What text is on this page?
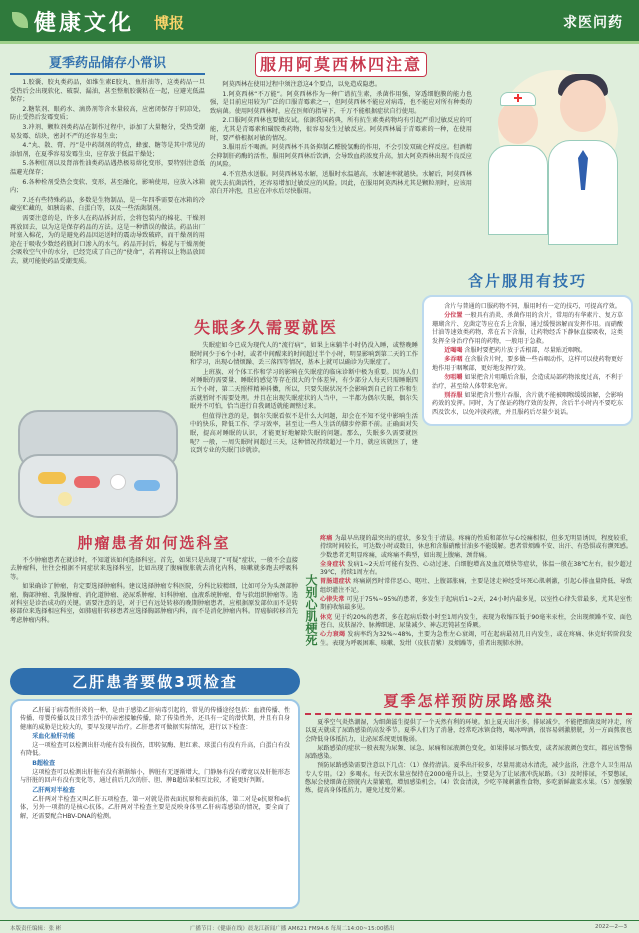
健康文化 博报	求医问药
夏季药品储存小常识

1.胶囊、胶丸类药品，如维生素E胶丸、鱼肝油等，这类药品一旦受热后会出现软化、破裂、漏油，甚至整瓶胶囊粘在一起，应避光低温保存；

2.糖浆剂、眼药水、滴鼻剂等含水量较高，应密闭保存于阴凉处，防止受热后发霉变质；

3.冲剂、颗粒剂类药品在制作过程中，添加了大量糖分，受热受潮易发霉、结块，密封不严的还容易生虫；

4.“丸、散、膏、丹”是中药制剂的特点，蜂蜜、糖等是其中常见的添加剂，在夏季容易发霉生虫，应存放于低温干燥处；

5.各种肛剂以及肾溶性油类药品遇热极易熔化变形，要特别注意低温避光保存；

6.各种栓剂受热会变软、变形，甚至融化，影响使用，应放入冰箱内；

7.还有些特殊药品，多数是生物制品，是一年四季需要在冰箱的冷藏室贮藏的，如胰岛素、白蛋白等，以及一些活菌制剂。

需要注意的是，许多人在药品拆封后，会将包装内的棉花、干燥剂再放回去，以为这是保存药品的方法。这是一种错误的做法。药品出厂时塞入棉花，为的是避免药品因运送时的震动导致破碎，而干燥剂的用途在于吸收少数经药瓶封口渗入的水气。药品开封后，棉花与干燥剂便会吸收空气中的水分，已经完成了自己的“使命”，若再将以上物品放回去，就可能使药品受潮变质。

服用阿莫西林四注意

阿莫西林在使用过程中须注意这4个要点，以免造成隐患。

1.阿莫西林“不万能”。阿莫西林作为一种广谱抗生素，杀菌作用强，穿透细胞膜的能力也强，是目前应用较为广泛的口服青霉素之一，但阿莫西林不能应对病毒，也不能应对所有种类的致病菌。使用阿莫西林时，应在医师的指导下，千万不能根据症状自行使用。

2.口服阿莫西林也要做皮试。依据我国药典，所有抗生素类药物均有引起严重过敏反应的可能，尤其是青霉素和磺胺类药物，很容易发生过敏反应。阿莫西林属于青霉素的一种，在使用时，要严格根据对敏的情况。

3.服用后不喝酒。阿莫西林不具备抑制乙醛脱氢酶的作用，不会引发双硫仑样反应。但酒精会抑制肝药酶的活性，服用阿莫西林后饮酒，会导致血药浓度升高，加大阿莫西林出现不良反应的风险。

4.不宜热水送服。阿莫西林易水解，送服时水温越高，水解速率就越快。水解后，阿莫西林就失去抗菌活性，还容易增加过敏反应的风险。因此，在服用阿莫西林尤其是颗粒剂时，应该用凉白开冲泡，且应在冲水后尽快服用。

含片服用有技巧

含片与普通的口服药物不同，服用时有一定的技巧，可提高疗效。

分位置 一般具有消炎、杀菌作用的含片，常用的有华素片、复方草珊瑚含片、克菌定等应在舌上含服，通过缓慢溶解而发挥作用。而硝酸甘油等速效类药物，常在舌下含服，让药物经舌下静脉直接吸收，这类发挥全身治疗作用的药物，一般用于急救。

近喝喝 含服时要把药片放于舌根部，尽量贴近咽喉。

多吞咽 在含服含片时，要多做一些吞咽动作，这样可以使药物更好地作用于咽喉部，更好地发挥疗效。

勿咀嚼 如果把含片咀嚼后含服，会造成局部药物浓度过高，不利于治疗，甚至给人体带来危害。

别吞服 如果把含片整片吞服，含片就不能被咽喉缓缓溶解，会影响药效的发挥。同时，为了保证药物疗效的发挥，含后半小时内不要吃东西及饮水，以免冲淡药液，并且服药后尽量少说话。

失眠多久需要就医

失眠症如今已成为现代人的“流行病”，如果上床躺半小时仍没入睡，或整晚睡眠时间少于6个小时，或者中间醒来的时间超过半个小时，明显影响到第二天的工作和学习，出现心情烦躁、丢三落四等情况，基本上就可以确诊为失眠症了。

上班族、对个体工作和学习的影响在失眠症的临床诊断中极为重要。因为人们对睡眠的需要量、睡眠的感觉等存在很大的个体差异，有少部分人每天只需睡眠四五个小时，第二天照样精神抖擞，所以，只要失眠状况不会影响到自己的工作和生活就暂时不需要处理。并且在出现失眠症状的人当中，一半都为偶尔失眠，偶尔失眠并不可怕，恰当进行自我调适就能调整过来。

但值得注意的是，偶尔失眠看似不是什么大问题，却会在不知不觉中影响生活中的快乐，降低工作、学习效率，甚至让一些人生活的脚步停滞不前。正确面对失眠，提高对睡眠的认识，才能更好地解除失眠的问题。那么，失眠多久需要就医呢？一般，一周失眠时间超过三天，这种情况持续超过一个月，就应该就医了，建议到专业的失眠门诊就诊。

肿瘤患者如何选科室

不少肿瘤患者在就诊时，不知道该如何选择科室。首先，如果只是出现了“可疑”症状，一般不会直接去肿瘤科，往往会根据不同症状来选择科室，比如出现了腹痛腹胀就去消化内科，咳嗽就多跑去呼吸科等。

如果确诊了肿瘤，肯定要选择肿瘤科。建议选择肿瘤专科医院，分科比较精细，比如可分为头颈部肿瘤、胸部肿瘤、乳腺肿瘤、消化道肿瘤、泌尿系肿瘤、妇科肿瘤、血液系统肿瘤、骨与软组织肿瘤等。选对科室是诊治成功的关键。需要注意的是，对于已有远处转移的晚期肿瘤患者，应根据原发部位而不是转移部位来选择相应科室，如肺癌肝转移患者应选择胸部肿瘤内科，而不是消化肿瘤内科。胃癌脑转移首先考虑肿瘤内科。	大别心肌梗死

疼痛 为最早出现的最突出的症状，多发生于清晨。疼痛的性质和部位与心绞痛相似，但多无明显诱因，程度较重，持续时间较长，可达数小时或数日，休息和含服硝酸甘油多不能缓解。患者常烦躁不安、出汗、有恐惧或有濒死感。少数患者无明显疼痛，或疼痛不典型，如出现上腹痛、颈背痛。

全身症状 发病1~2天后可能有发热、心动过速、白细胞增高及血沉增快等症状，体温一般在38℃左右，很少超过39℃，持续1周左右。

胃肠道症状 疼痛剧烈时常伴恶心、呕吐、上腹部胀痛，主要是迷走神经受坏死心肌刺激，引起心排血量降低、导致组织灌注不足。

心律失常 可见于75%~95%的患者，多发生于起病后1~2天，24小时内最多见，以室性心律失常最多，尤其是室性期前收缩最多见。

休克 见于约20%的患者，多在起病后数小时至1周内发生，表现为收缩压低于90毫米汞柱，会出现烦躁不安、面色苍白、皮肤湿冷、脉搏细速、尿量减少、神志迟钝甚至昏厥。

心力衰竭 发病率约为32%~48%，主要为急性左心衰竭，可在起病最初几日内发生，或在疼痛、休克好转阶段发生。表现为呼吸困难、咳嗽、发绀（皮肤青紫）及烦躁等，重者出现肺水肿。

乙肝患者要做3项检查

乙肝属于病毒性肝炎的一种，是由于感染乙肝病毒引起的，常见的传播途径包括：血液传播、性传播、母婴传播以及日常生活中的亲密接触传播，除了传染性外，还具有一定的潜伏期，并且有自身健康的威胁是比较大的，要早发现早治疗。乙肝患者可做据实际情况，进行以下检查：

采血化验肝功能

这一项检查可以检测出肝功能有没有损伤，即转氨酶、胆红素、球蛋白有没有升高，白蛋白有没有降低。

B超检查

这项检查可以检测出肝脏有没有渐渐缩小，脾脏有无逐渐增大，门静脉有没有增宽以及肝脏形态与肝脏的回声有没有变化等，通过前后几次的肝、胆、脾B超结果相互比较，才能更好判断。

乙肝两对半检查

乙肝两对半检查又叫乙肝五项检查，第一对就是指表面抗原和表面抗体，第二对是e抗原和e抗体，另外一项指的是核心抗体。乙肝两对半检查主要是反映身体里乙肝病毒感染的情况，要全面了解，还需要配合HBV-DNA的检测。

夏季怎样预防尿路感染

夏季空气炎热潮湿，为细菌滋生提供了一个天然有利的环境。加上夏天出汗多，排尿减少，不能把细菌及时冲走，所以夏天就成了尿路感染的高发季节。夏季人们为了消暑，经常吃冰镇食物，喝冰啤酒，很容易刺激膀胱，另一方面熬夜也会降低身体抵抗力，让泌尿系统更加脆弱。

尿路感染的症状一般表现为尿频、尿急、尿痛和尿液颜色变化，如果排尿习惯改变，或者尿液颜色变红，都应该警惕尿路感染。

预防尿路感染需要注意以下几点：（1）保持清洁。夏季出汗较多，尽量用流动水清洗，减少盆浴，注意个人卫生用品专人专用。（2）多喝水。每天饮水量应保持在2000毫升以上，主要是为了让尿液冲洗尿路。（3）及时排尿，不要憋尿，憋尿会使细菌在膀胱内大量繁殖，增加感染机会。（4）饮食清淡，少吃辛辣刺激性食物，多吃新鲜蔬菜水果。（5）加强锻炼，提高身体抵抗力，避免过度劳累。

本版责任编辑：张 彬	广播节目：《健康在线》晨龙江新闻广播 AM621 FM94.6 每周二14:00~15:00播出	2022—2—3
